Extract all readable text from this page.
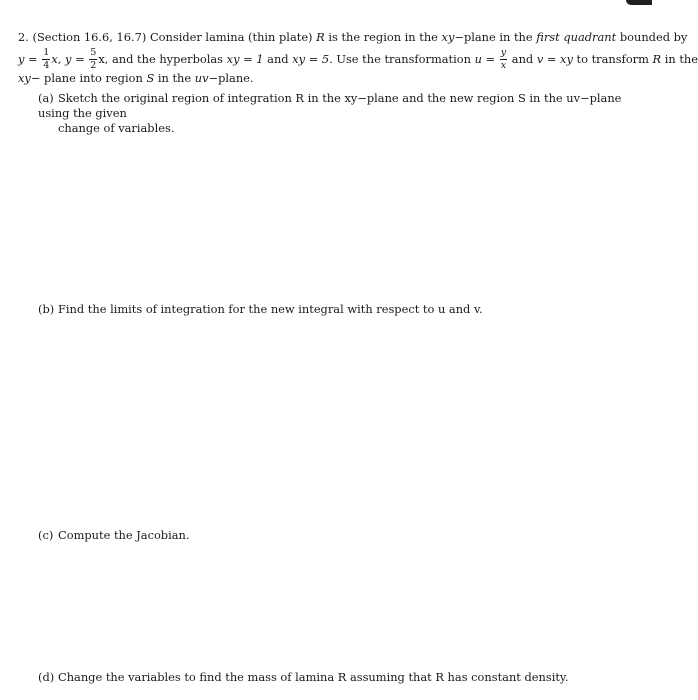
2. (Section 16.6, 16.7) Consider lamina (thin plate) R is the region in the xy−plane in the first quadrant bounded by
$y = \frac{1}{4} x$, $y = \frac{5}{2} x$, and the hyperbolas xy = 1 and xy = 5. Use the transformation $u = \frac{y}{x}$ and v = xy to transform R in the
xy− plane into region S in the uv−plane.
(a) Sketch the original region of integration R in the xy−plane and the new region S in the uv−plane using the given
change of variables.
(b) Find the limits of integration for the new integral with respect to u and v.
(c) Compute the Jacobian.
(d) Change the variables to find the mass of lamina R assuming that R has constant density.
